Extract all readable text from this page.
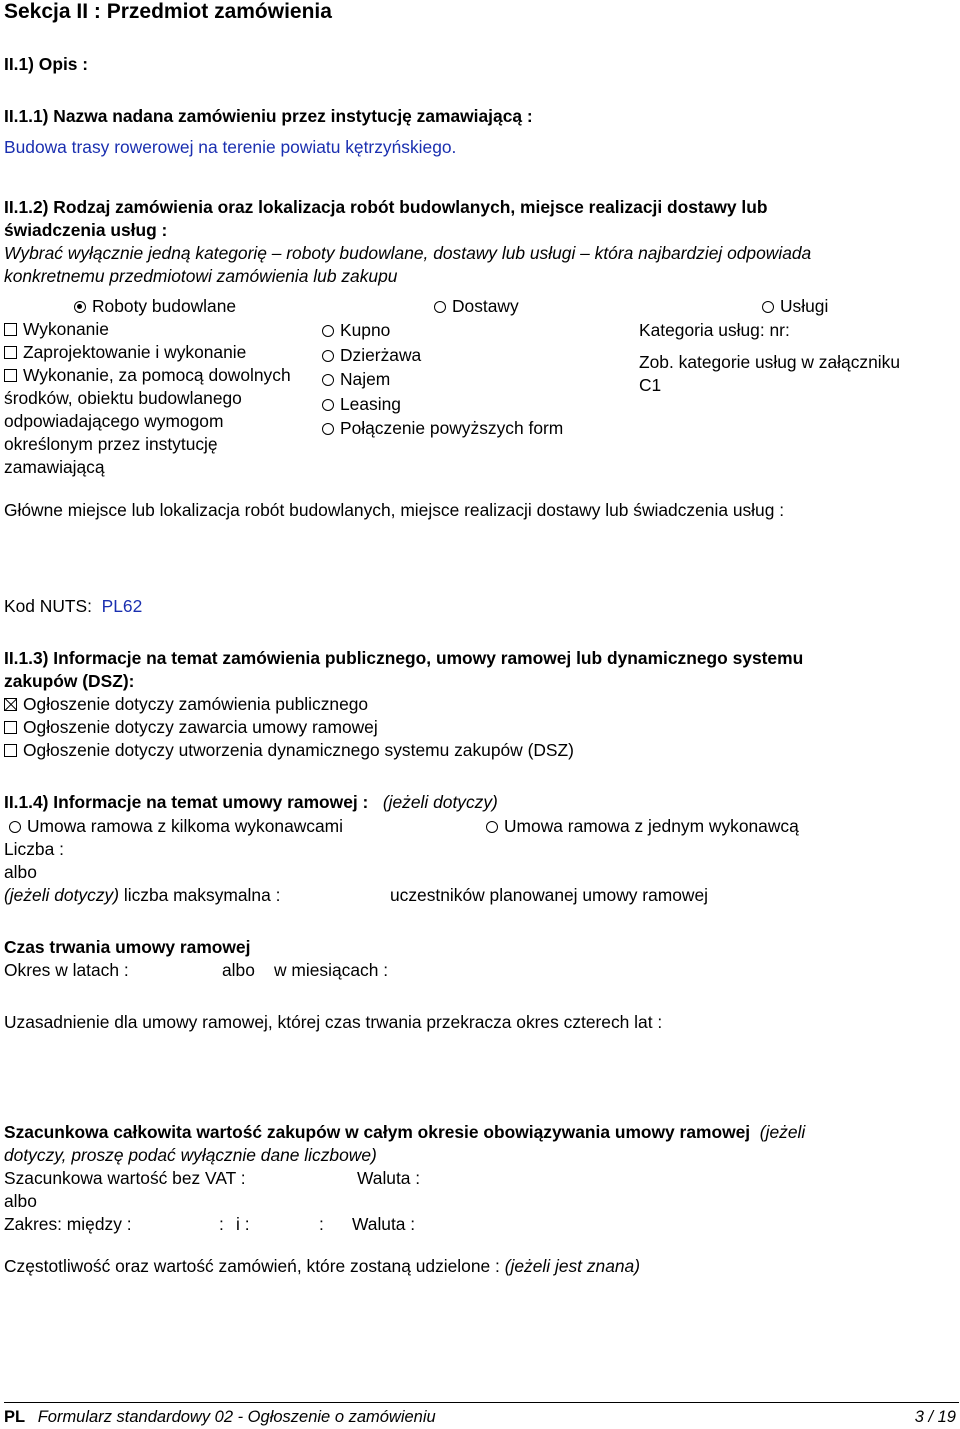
Sekcja II : Przedmiot zamówienia
II.1) Opis :
II.1.1) Nazwa nadana zamówieniu przez instytucję zamawiającą :
Budowa trasy rowerowej na terenie powiatu kętrzyńskiego.
II.1.2) Rodzaj zamówienia oraz lokalizacja robót budowlanych, miejsce realizacji dostawy lub
świadczenia usług :
Wybrać wyłącznie jedną kategorię – roboty budowlane, dostawy lub usługi – która najbardziej odpowiada
konkretnemu przedmiotowi zamówienia lub zakupu
Roboty budowlane	Dostawy	Usługi
Wykonanie
Zaprojektowanie i wykonanie
Wykonanie, za pomocą dowolnych
środków, obiektu budowlanego
odpowiadającego wymogom
określonym przez instytucję
zamawiającą
Kupno
Dzierżawa
Najem
Leasing
Połączenie powyższych form
Kategoria usług: nr:
Zob. kategorie usług w załączniku
C1
Główne miejsce lub lokalizacja robót budowlanych, miejsce realizacji dostawy lub świadczenia usług :
Kod NUTS: PL62
II.1.3) Informacje na temat zamówienia publicznego, umowy ramowej lub dynamicznego systemu
zakupów (DSZ):
Ogłoszenie dotyczy zamówienia publicznego
Ogłoszenie dotyczy zawarcia umowy ramowej
Ogłoszenie dotyczy utworzenia dynamicznego systemu zakupów (DSZ)
II.1.4) Informacje na temat umowy ramowej : (jeżeli dotyczy)
Umowa ramowa z kilkoma wykonawcami	Umowa ramowa z jednym wykonawcą
Liczba :
albo
(jeżeli dotyczy) liczba maksymalna :	uczestników planowanej umowy ramowej
Czas trwania umowy ramowej
Okres w latach :	albo w miesiącach :
Uzasadnienie dla umowy ramowej, której czas trwania przekracza okres czterech lat :
Szacunkowa całkowita wartość zakupów w całym okresie obowiązywania umowy ramowej (jeżeli
dotyczy, proszę podać wyłącznie dane liczbowe)
Szacunkowa wartość bez VAT :	Waluta :
albo
Zakres: między :	: i :	: Waluta :
Częstotliwość oraz wartość zamówień, które zostaną udzielone : (jeżeli jest znana)
PL Formularz standardowy 02 - Ogłoszenie o zamówieniu	3 / 19
